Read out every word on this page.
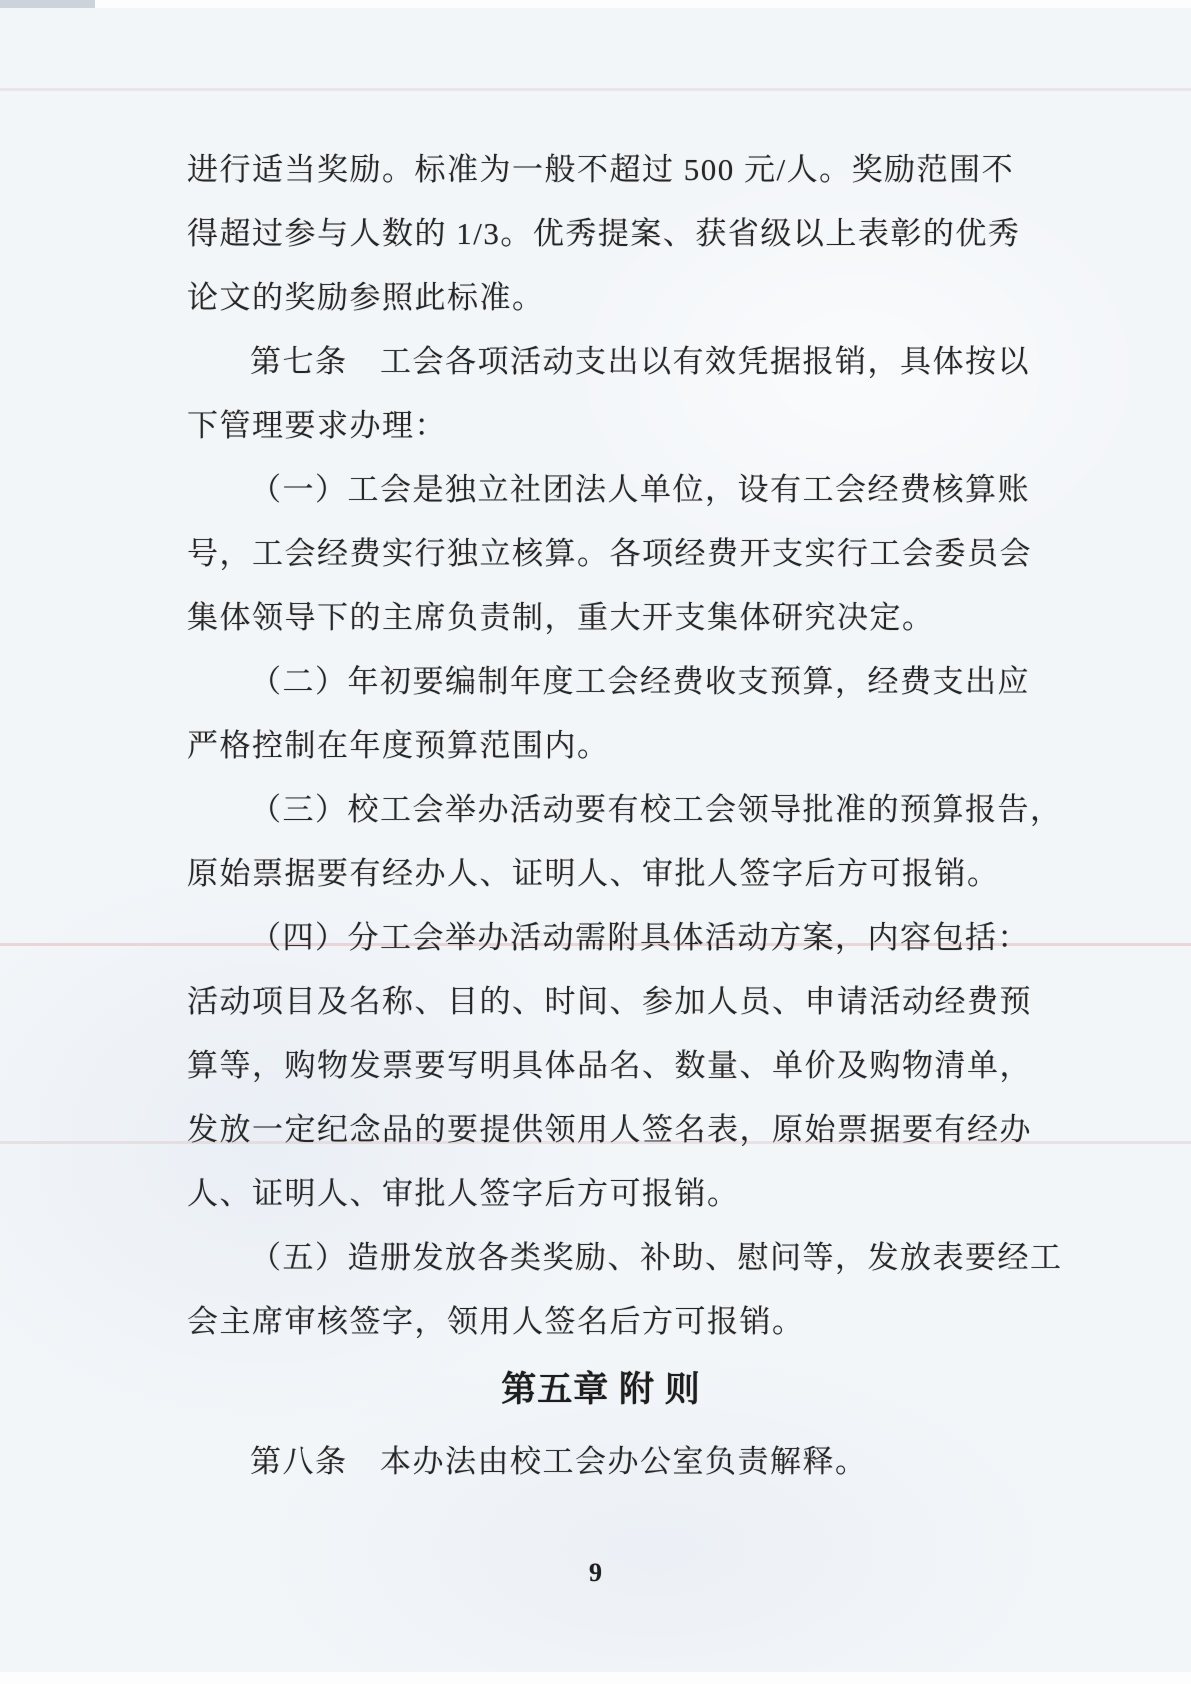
进行适当奖励。标准为一般不超过 500 元/人。奖励范围不
得超过参与人数的 1/3。优秀提案、获省级以上表彰的优秀
论文的奖励参照此标准。
第七条　工会各项活动支出以有效凭据报销，具体按以
下管理要求办理：
（一）工会是独立社团法人单位，设有工会经费核算账
号，工会经费实行独立核算。各项经费开支实行工会委员会
集体领导下的主席负责制，重大开支集体研究决定。
（二）年初要编制年度工会经费收支预算，经费支出应
严格控制在年度预算范围内。
（三）校工会举办活动要有校工会领导批准的预算报告，
原始票据要有经办人、证明人、审批人签字后方可报销。
（四）分工会举办活动需附具体活动方案，内容包括：
活动项目及名称、目的、时间、参加人员、申请活动经费预
算等，购物发票要写明具体品名、数量、单价及购物清单，
发放一定纪念品的要提供领用人签名表，原始票据要有经办
人、证明人、审批人签字后方可报销。
（五）造册发放各类奖励、补助、慰问等，发放表要经工
会主席审核签字，领用人签名后方可报销。
第五章 附 则
第八条　本办法由校工会办公室负责解释。
9
